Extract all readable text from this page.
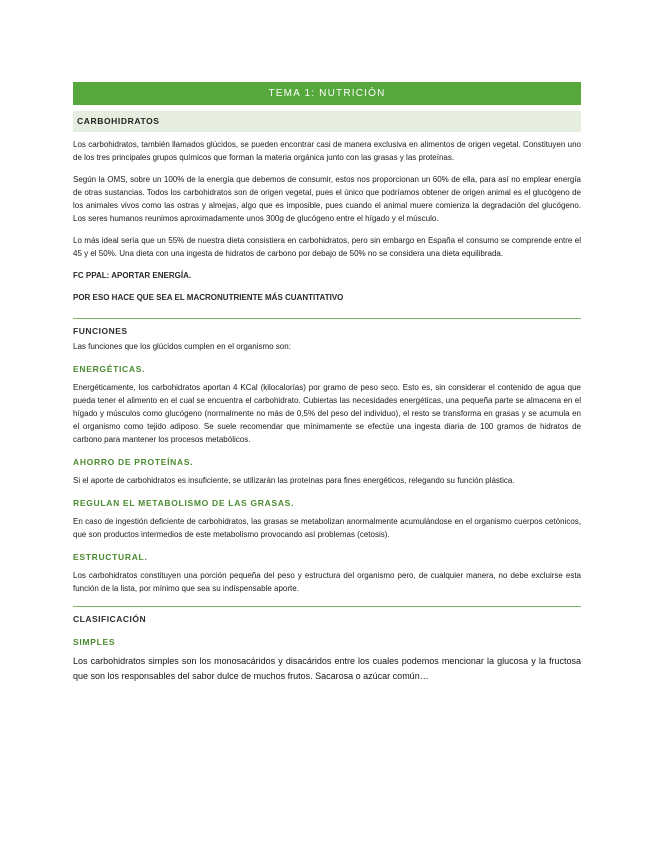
TEMA 1: NUTRICIÓN
CARBOHIDRATOS

Los carbohidratos, también llamados glúcidos, se pueden encontrar casi de manera exclusiva en alimentos de origen vegetal. Constituyen uno de los tres principales grupos químicos que forman la materia orgánica junto con las grasas y las proteínas.

Según la OMS, sobre un 100% de la energía que debemos de consumir, estos nos proporcionan un 60% de ella, para así no emplear energía de otras sustancias. Todos los carbohidratos son de origen vegetal, pues el único que podríamos obtener de origen animal es el glucógeno de los animales vivos como las ostras y almejas, algo que es imposible, pues cuando el animal muere comienza la degradación del glucógeno. Los seres humanos reunimos aproximadamente unos 300g de glucógeno entre el hígado y el músculo.

Lo más ideal sería que un 55% de nuestra dieta consistiera en carbohidratos, pero sin embargo en España el consumo se comprende entre el 45 y el 50%. Una dieta con una ingesta de hidratos de carbono por debajo de 50% no se considera una dieta equilibrada.

FC PPAL: APORTAR ENERGÍA.
POR ESO HACE QUE SEA EL MACRONUTRIENTE MÁS CUANTITATIVO
FUNCIONES

Las funciones que los glúcidos cumplen en el organismo son:

ENERGÉTICAS.

Energéticamente, los carbohidratos aportan 4 KCal (kilocalorías) por gramo de peso seco. Esto es, sin considerar el contenido de agua que pueda tener el alimento en el cual se encuentra el carbohidrato. Cubiertas las necesidades energéticas, una pequeña parte se almacena en el hígado y músculos como glucógeno (normalmente no más de 0,5% del peso del individuo), el resto se transforma en grasas y se acumula en el organismo como tejido adiposo. Se suele recomendar que mínimamente se efectúe una ingesta diaria de 100 gramos de hidratos de carbono para mantener los procesos metabólicos.

AHORRO DE PROTEÍNAS.

Si el aporte de carbohidratos es insuficiente, se utilizarán las proteínas para fines energéticos, relegando su función plástica.

REGULAN EL METABOLISMO DE LAS GRASAS.

En caso de ingestión deficiente de carbohidratos, las grasas se metabolizan anormalmente acumulándose en el organismo cuerpos cetónicos, que son productos intermedios de este metabolismo provocando así problemas (cetosis).

ESTRUCTURAL.

Los carbohidratos constituyen una porción pequeña del peso y estructura del organismo pero, de cualquier manera, no debe excluirse esta función de la lista, por mínimo que sea su indispensable aporte.

CLASIFICACIÓN
SIMPLES

Los carbohidratos simples son los monosacáridos y disacáridos entre los cuales podemos mencionar la glucosa y la fructosa que son los responsables del sabor dulce de muchos frutos. Sacarosa o azúcar común…
